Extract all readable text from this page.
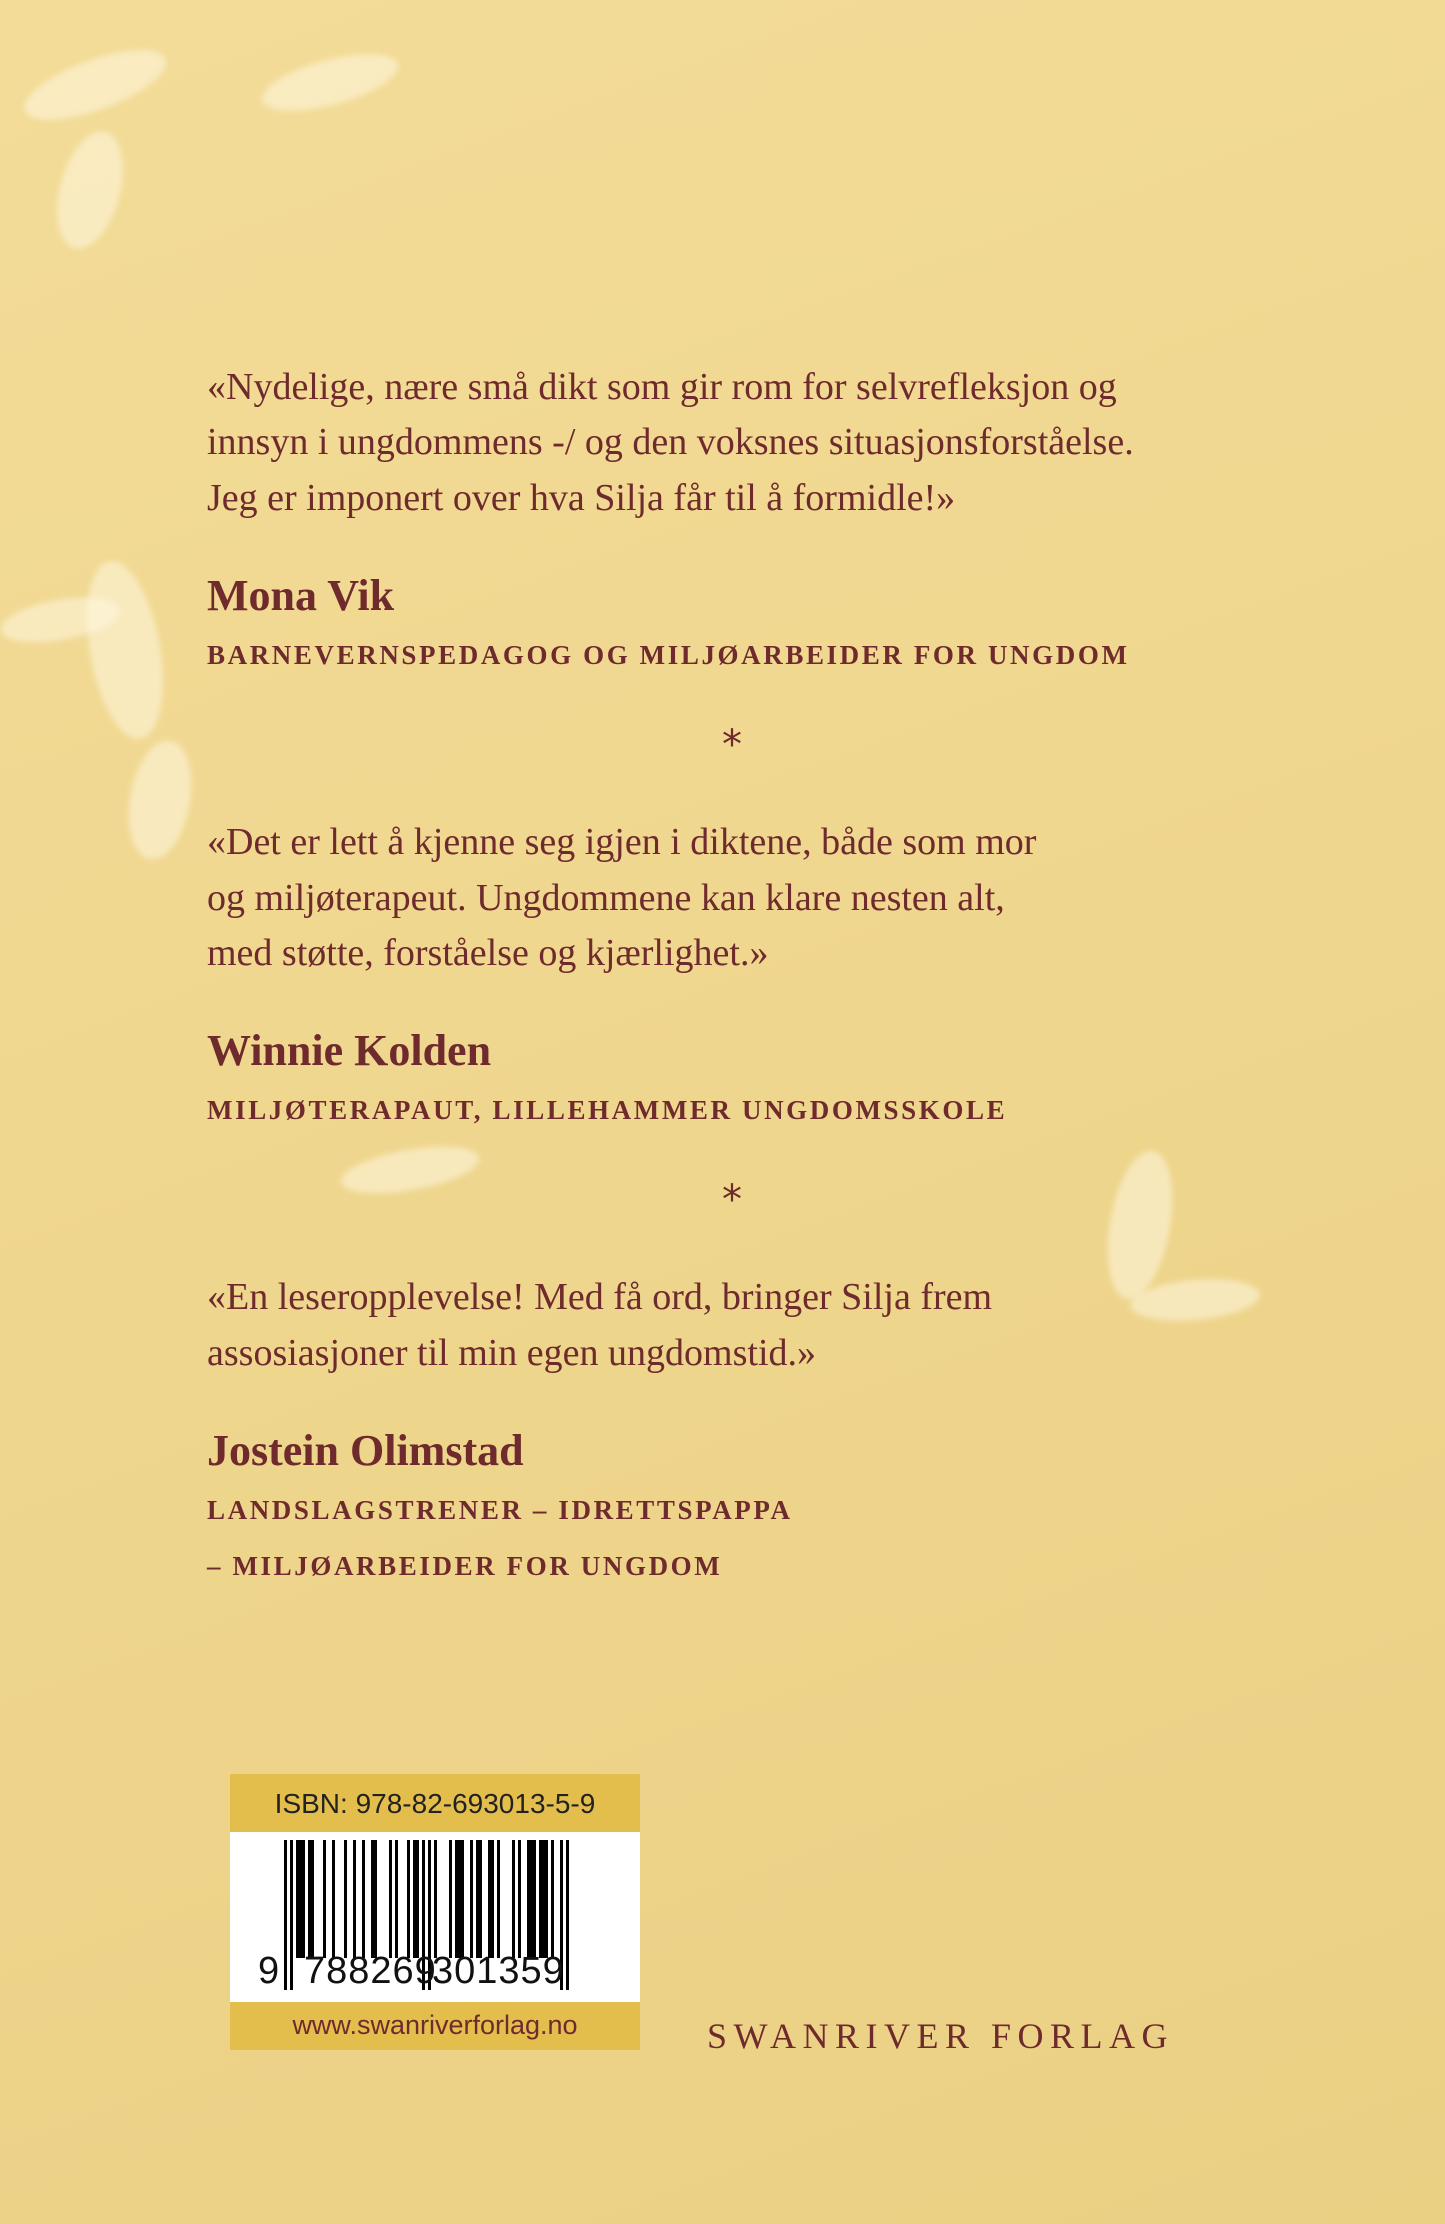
«Nydelige, nære små dikt som gir rom for selvrefleksjon og
innsyn i ungdommens -/ og den voksnes situasjonsforståelse.
Jeg er imponert over hva Silja får til å formidle!»
Mona Vik
BARNEVERNSPEDAGOG OG MILJØARBEIDER FOR UNGDOM
*
«Det er lett å kjenne seg igjen i diktene, både som mor
og miljøterapeut. Ungdommene kan klare nesten alt,
med støtte, forståelse og kjærlighet.»
Winnie Kolden
MILJØTERAPAUT, LILLEHAMMER UNGDOMSSKOLE
*
«En leseropplevelse! Med få ord, bringer Silja frem
assosiasjoner til min egen ungdomstid.»
Jostein Olimstad
LANDSLAGSTRENER – IDRETTSPAPPA
– MILJØARBEIDER FOR UNGDOM
ISBN: 978-82-693013-5-9
9 788269
301359
www.swanriverforlag.no	SWANRIVER FORLAG
